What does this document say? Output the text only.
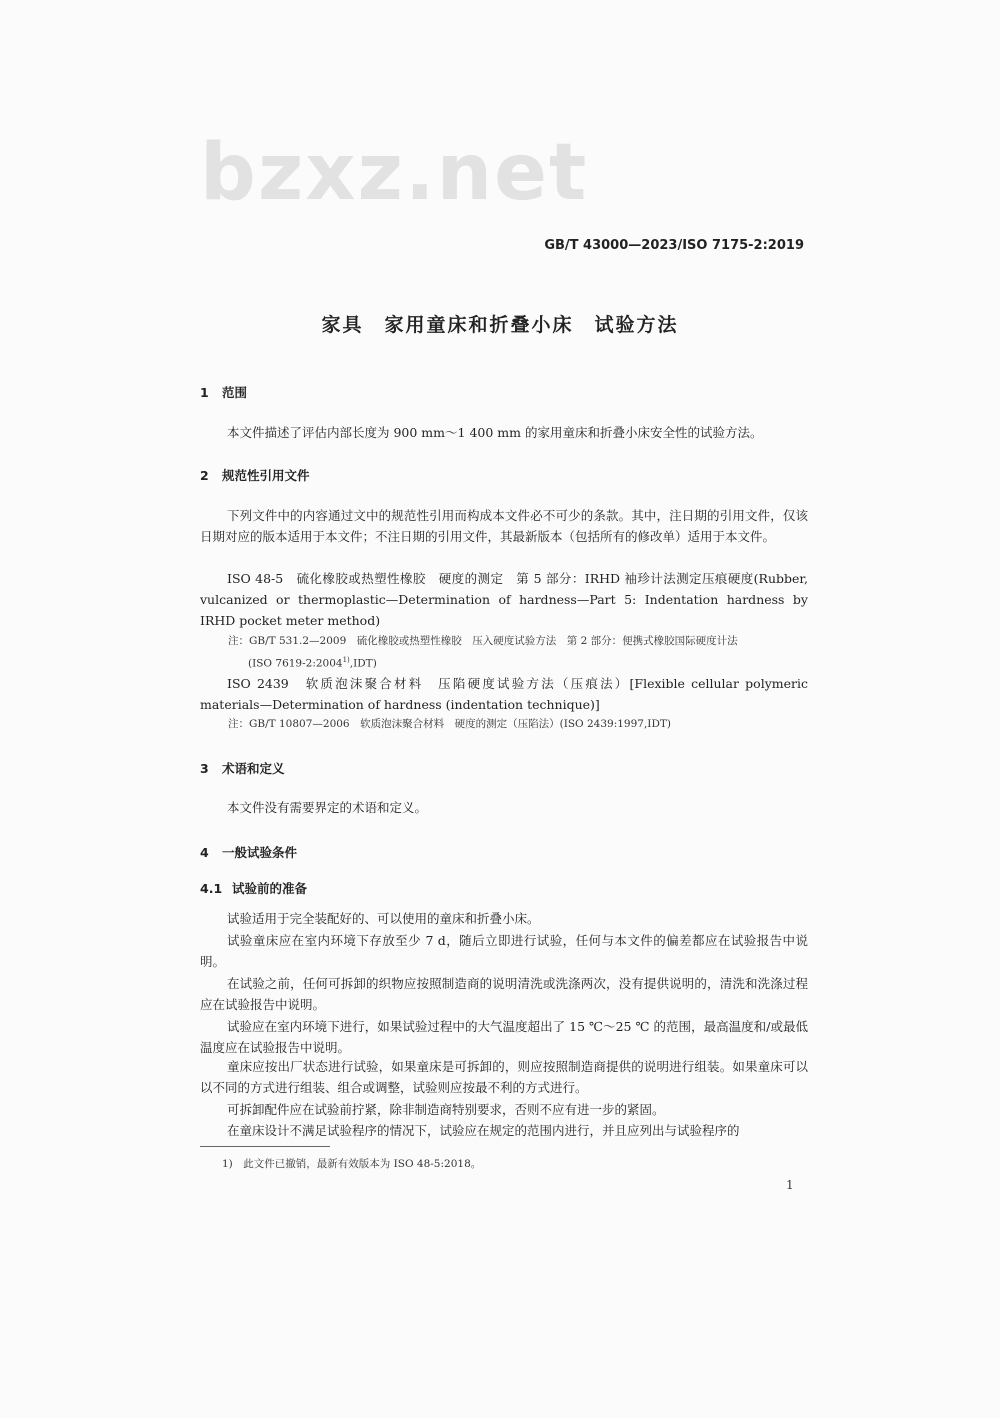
bzxz.net
GB/T 43000—2023/ISO 7175-2:2019
家具　家用童床和折叠小床　试验方法
1 范围
本文件描述了评估内部长度为 900 mm～1 400 mm 的家用童床和折叠小床安全性的试验方法。
2 规范性引用文件
下列文件中的内容通过文中的规范性引用而构成本文件必不可少的条款。其中，注日期的引用文件，仅该日期对应的版本适用于本文件；不注日期的引用文件，其最新版本（包括所有的修改单）适用于本文件。
ISO 48-5　硫化橡胶或热塑性橡胶　硬度的测定　第 5 部分：IRHD 袖珍计法测定压痕硬度(Rubber, vulcanized or thermoplastic—Determination of hardness—Part 5: Indentation hardness by IRHD pocket meter method)
注：GB/T 531.2—2009　硫化橡胶或热塑性橡胶　压入硬度试验方法　第 2 部分：便携式橡胶国际硬度计法
(ISO 7619-2:2004$^{1)}$,IDT)
ISO 2439　软质泡沫聚合材料　压陷硬度试验方法（压痕法）[Flexible cellular polymeric materials—Determination of hardness (indentation technique)]
注：GB/T 10807—2006　软质泡沫聚合材料　硬度的测定（压陷法）(ISO 2439:1997,IDT)
3 术语和定义
本文件没有需要界定的术语和定义。
4 一般试验条件
4.1 试验前的准备
试验适用于完全装配好的、可以使用的童床和折叠小床。
试验童床应在室内环境下存放至少 7 d，随后立即进行试验，任何与本文件的偏差都应在试验报告中说明。
在试验之前，任何可拆卸的织物应按照制造商的说明清洗或洗涤两次，没有提供说明的，清洗和洗涤过程应在试验报告中说明。
试验应在室内环境下进行，如果试验过程中的大气温度超出了 15 ℃～25 ℃ 的范围，最高温度和/或最低温度应在试验报告中说明。
童床应按出厂状态进行试验，如果童床是可拆卸的，则应按照制造商提供的说明进行组装。如果童床可以以不同的方式进行组装、组合或调整，试验则应按最不利的方式进行。
可拆卸配件应在试验前拧紧，除非制造商特别要求，否则不应有进一步的紧固。
在童床设计不满足试验程序的情况下，试验应在规定的范围内进行，并且应列出与试验程序的
1)　此文件已撤销，最新有效版本为 ISO 48-5:2018。
1
